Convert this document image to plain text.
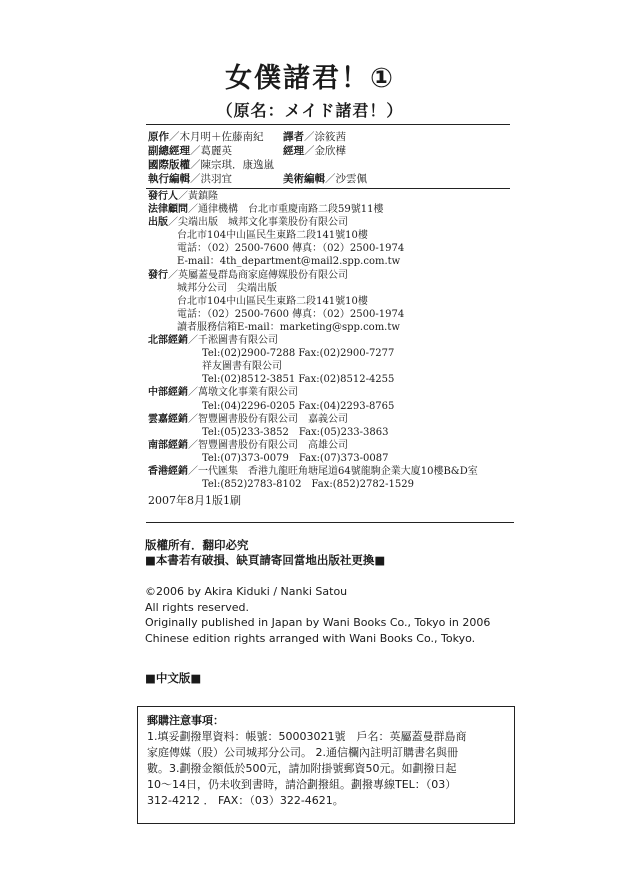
女僕諸君！①
（原名：メイド諸君！）
原作／木月明＋佐藤南紀
副總經理／葛麗英
國際版權／陳宗琪．康逸嵐
執行編輯／洪羽宜
譯者／涂筱茜
經理／金欣樺
美術編輯／沙雲佩
發行人／黃鎮隆
法律顧問／通律機構　台北市重慶南路二段59號11樓
出版／尖端出版　城邦文化事業股份有限公司
台北市104中山區民生東路二段141號10樓
電話：（02）2500-7600 傳真：（02）2500-1974
E-mail：4th_department@mail2.spp.com.tw
發行／英屬蓋曼群島商家庭傳媒股份有限公司
城邦分公司　尖端出版
台北市104中山區民生東路二段141號10樓
電話：（02）2500-7600 傳真：（02）2500-1974
讀者服務信箱E-mail：marketing@spp.com.tw
北部經銷／千淞圖書有限公司
Tel:(02)2900-7288 Fax:(02)2900-7277
祥友圖書有限公司
Tel:(02)8512-3851 Fax:(02)8512-4255
中部經銷／萬墩文化事業有限公司
Tel:(04)2296-0205 Fax:(04)2293-8765
雲嘉經銷／智豐圖書股份有限公司　嘉義公司
Tel:(05)233-3852　Fax:(05)233-3863
南部經銷／智豐圖書股份有限公司　高雄公司
Tel:(07)373-0079　Fax:(07)373-0087
香港經銷／一代匯集　香港九龍旺角塘尾道64號龍駒企業大廈10樓B&D室
Tel:(852)2783-8102　Fax:(852)2782-1529
2007年8月1版1刷
版權所有．翻印必究
■本書若有破損、缺頁請寄回當地出版社更換■
©2006 by Akira Kiduki / Nanki Satou
All rights reserved.
Originally published in Japan by Wani Books Co., Tokyo in 2006
Chinese edition rights arranged with Wani Books Co., Tokyo.
■中文版■
郵購注意事項：
1.填妥劃撥單資料：帳號：50003021號　戶名：英屬蓋曼群島商
家庭傳媒（股）公司城邦分公司。 2.通信欄內註明訂購書名與冊
數。3.劃撥金額低於500元，請加附掛號郵資50元。如劃撥日起
10～14日，仍未收到書時，請洽劃撥組。劃撥專線TEL：（03）
312-4212 ． FAX：（03）322-4621。
